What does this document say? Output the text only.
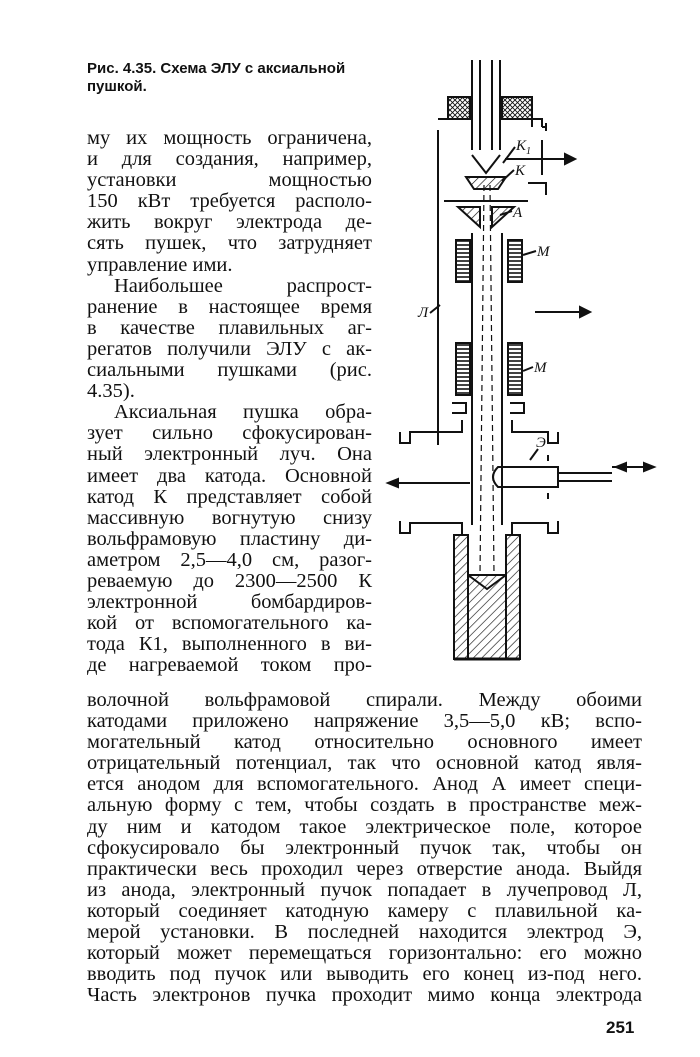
Рис. 4.35. Схема ЭЛУ с аксиальной
пушкой.
му их мощность ограничена,
и для создания, например,
установки мощностью
150 кВт требуется располо-
жить вокруг электрода де-
сять пушек, что затрудняет
управление ими.
Наибольшее распрост-
ранение в настоящее время
в качестве плавильных аг-
регатов получили ЭЛУ с ак-
сиальными пушками (рис.
4.35).
Аксиальная пушка обра-
зует сильно сфокусирован-
ный электронный луч. Она
имеет два катода. Основной
катод К представляет собой
массивную вогнутую снизу
вольфрамовую пластину ди-
аметром 2,5—4,0 см, разог-
реваемую до 2300—2500 К
электронной бомбардиров-
кой от вспомогательного ка-
тода К1, выполненного в ви-
де нагреваемой током про-
волочной вольфрамовой спирали. Между обоими
катодами приложено напряжение 3,5—5,0 кВ; вспо-
могательный катод относительно основного имеет
отрицательный потенциал, так что основной катод явля-
ется анодом для вспомогательного. Анод А имеет специ-
альную форму с тем, чтобы создать в пространстве меж-
ду ним и катодом такое электрическое поле, которое
сфокусировало бы электронный пучок так, чтобы он
практически весь проходил через отверстие анода. Выйдя
из анода, электронный пучок попадает в лучепровод Л,
который соединяет катодную камеру с плавильной ка-
мерой установки. В последней находится электрод Э,
который может перемещаться горизонтально: его можно
вводить под пучок или выводить его конец из-под него.
Часть электронов пучка проходит мимо конца электрода
251
$K_1$
K
A
M
Л
M
Э
